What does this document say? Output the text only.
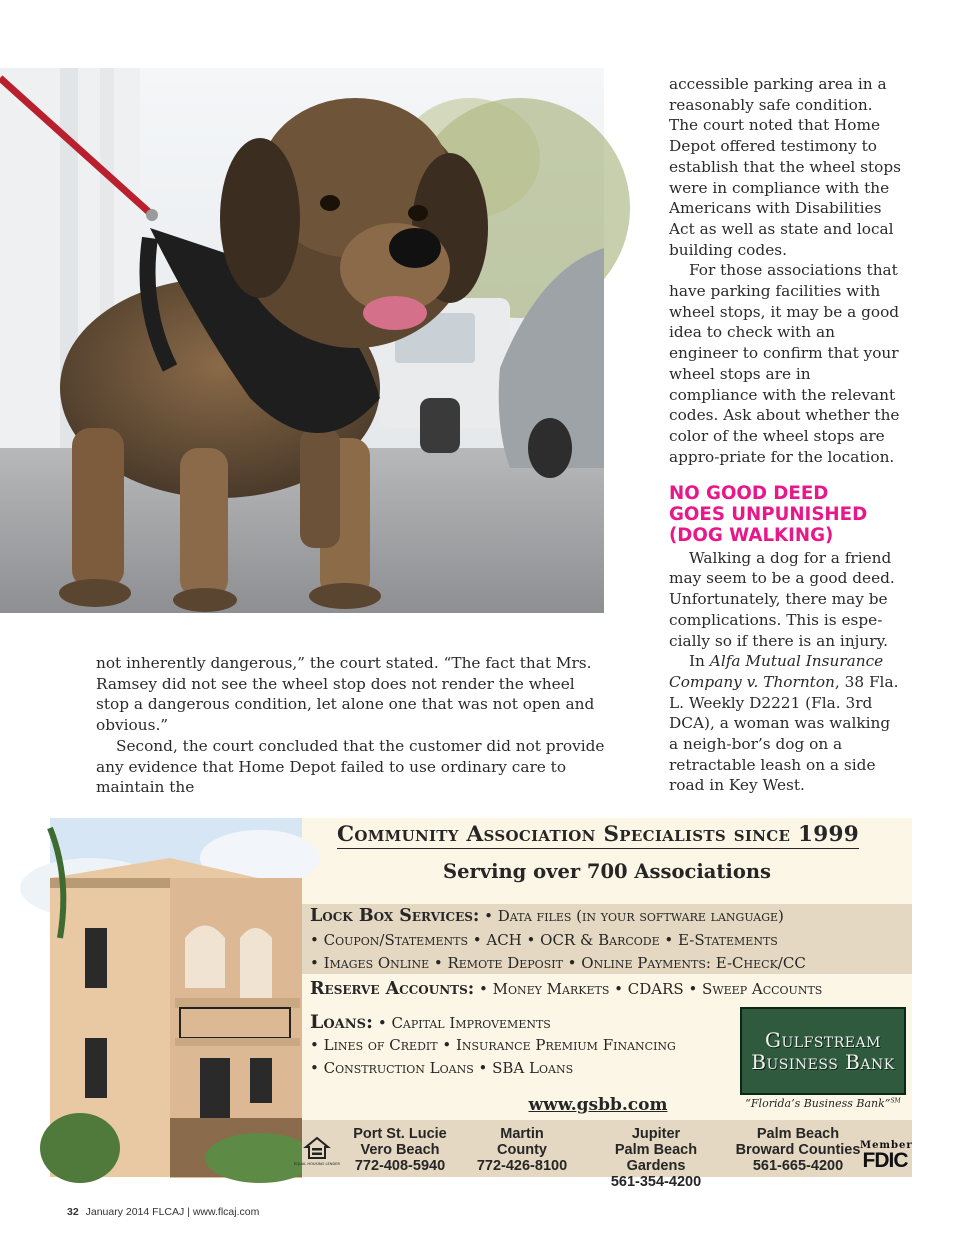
accessible parking area in a reasonably safe condition. The court noted that Home Depot offered testimony to establish that the wheel stops were in compliance with the Americans with Disabilities Act as well as state and local building codes.

For those associations that have parking facilities with wheel stops, it may be a good idea to check with an engineer to confirm that your wheel stops are in compliance with the relevant codes. Ask about whether the color of the wheel stops are appro-priate for the location.

NO GOOD DEED
GOES UNPUNISHED
(DOG WALKING)

Walking a dog for a friend may seem to be a good deed. Unfortunately, there may be complications. This is espe-cially so if there is an injury.

In Alfa Mutual Insurance Company v. Thornton, 38 Fla. L. Weekly D2221 (Fla. 3rd DCA), a woman was walking a neigh-bor’s dog on a retractable leash on a side road in Key West.

not inherently dangerous,” the court stated. “The fact that Mrs. Ramsey did not see the wheel stop does not render the wheel stop a dangerous condition, let alone one that was not open and obvious.”

Second, the court concluded that the customer did not provide any evidence that Home Depot failed to use ordinary care to maintain the

Community Association Specialists since 1999
Serving over 700 Associations
Lock Box Services: • Data files (in your software language)
• Coupon/Statements • ACH • OCR & Barcode • E-Statements
• Images Online • Remote Deposit • Online Payments: E-Check/CC
Reserve Accounts: • Money Markets • CDARS • Sweep Accounts
Loans: • Capital Improvements
• Lines of Credit • Insurance Premium Financing
• Construction Loans • SBA Loans
Gulfstream
Business Bank
“Florida’s Business Bank”℠
www.gsbb.com
EQUAL HOUSING LENDER
Port St. Lucie
Vero Beach
772-408-5940
Martin
County
772-426-8100
Jupiter
Palm Beach Gardens
561-354-4200
Palm Beach
Broward Counties
561-665-4200
Member
FDIC
32 January 2014 FLCAJ | www.flcaj.com
